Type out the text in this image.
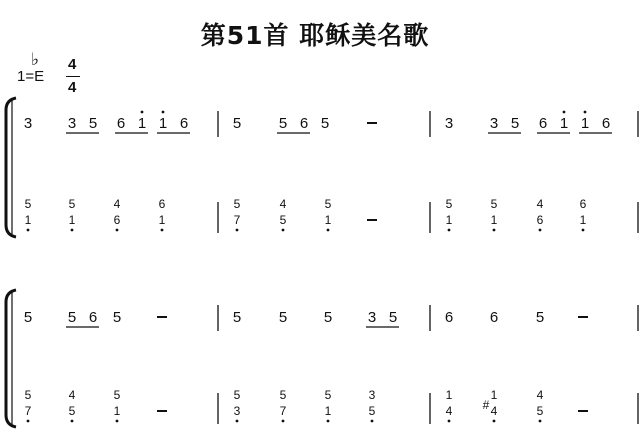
第51首 耶稣美名歌
♭
1=E
4
4
3 3 5 6 1 1 6	5	5 6 5	3 3 5 6 1 1 6
5
1
5
1
4
6
6
1
5
7
4
5
5
1
5
1
5
1
4
6
6
1
5 5 6 5	5	5 5 3 5	6 6	5
5
7
4
5
5
1
5
3
5
7
5
1
3
5
1
4
1
4
#
4
5
